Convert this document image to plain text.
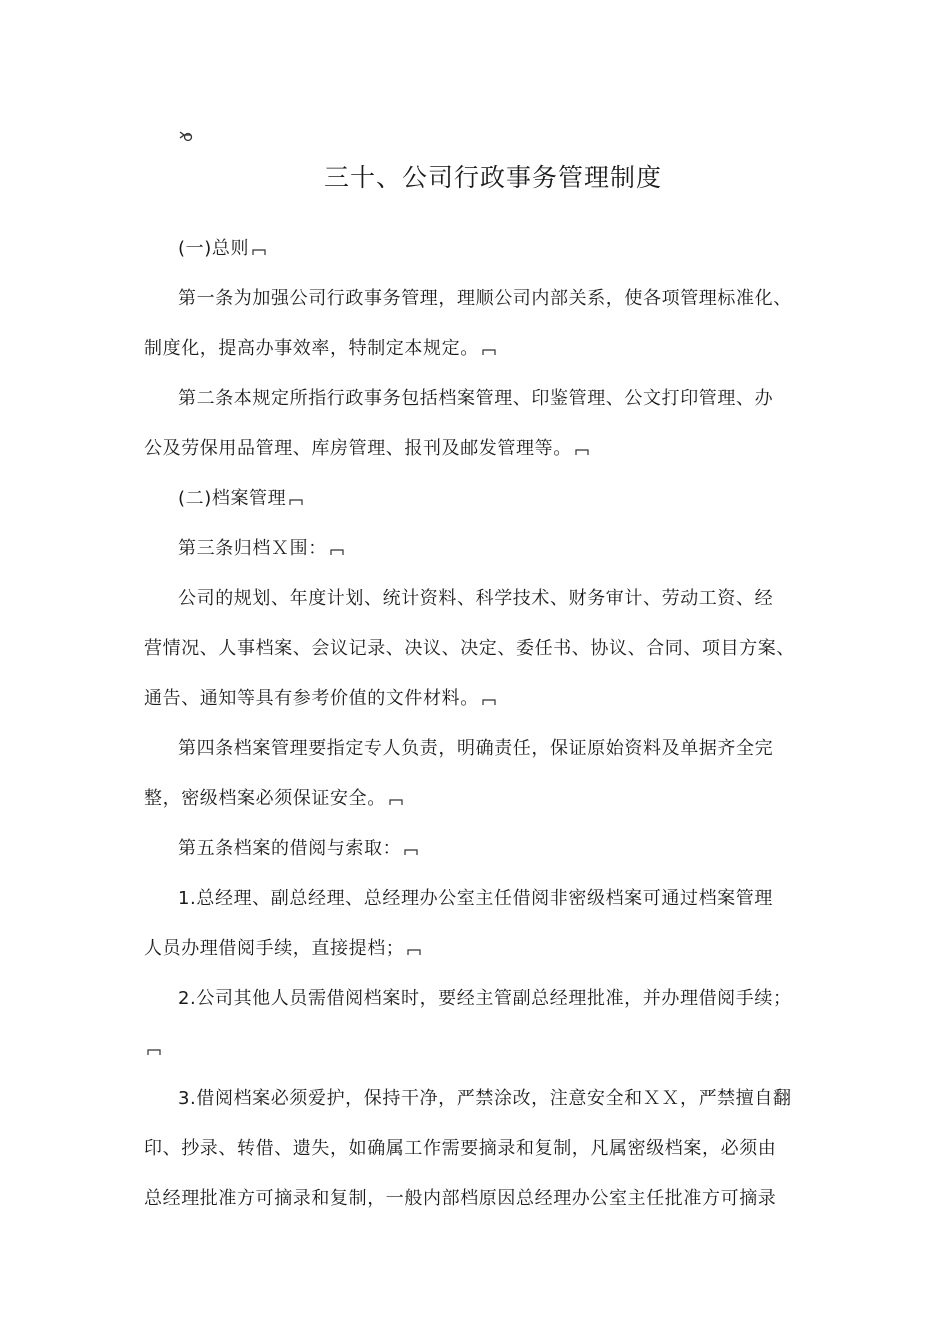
三十、公司行政事务管理制度

(一)总则

第一条为加强公司行政事务管理，理顺公司内部关系，使各项管理标准化、
制度化，提高办事效率，特制定本规定。

第二条本规定所指行政事务包括档案管理、印鉴管理、公文打印管理、办
公及劳保用品管理、库房管理、报刊及邮发管理等。

(二)档案管理

第三条归档Ｘ围：

公司的规划、年度计划、统计资料、科学技术、财务审计、劳动工资、经
营情况、人事档案、会议记录、决议、决定、委任书、协议、合同、项目方案、
通告、通知等具有参考价值的文件材料。

第四条档案管理要指定专人负责，明确责任，保证原始资料及单据齐全完
整，密级档案必须保证安全。

第五条档案的借阅与索取：

1.总经理、副总经理、总经理办公室主任借阅非密级档案可通过档案管理
人员办理借阅手续，直接提档；

2.公司其他人员需借阅档案时，要经主管副总经理批准，并办理借阅手续；

3.借阅档案必须爱护，保持干净，严禁涂改，注意安全和ＸＸ，严禁擅自翻
印、抄录、转借、遗失，如确属工作需要摘录和复制，凡属密级档案，必须由
总经理批准方可摘录和复制，一般内部档原因总经理办公室主任批准方可摘录
